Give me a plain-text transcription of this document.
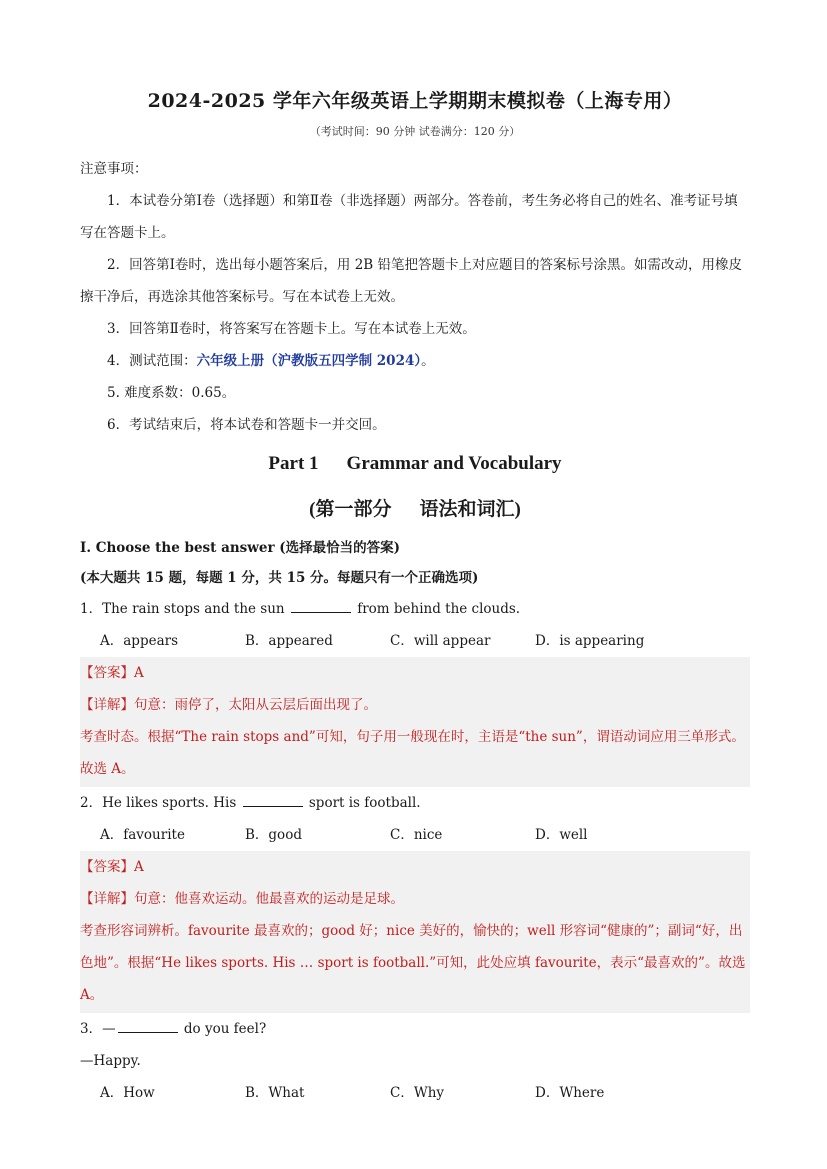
2024-2025 学年六年级英语上学期期末模拟卷（上海专用）

（考试时间：90 分钟 试卷满分：120 分）

注意事项：

1．本试卷分第Ⅰ卷（选择题）和第Ⅱ卷（非选择题）两部分。答卷前，考生务必将自己的姓名、准考证号填写在答题卡上。

2．回答第Ⅰ卷时，选出每小题答案后，用 2B 铅笔把答题卡上对应题目的答案标号涂黑。如需改动，用橡皮擦干净后，再选涂其他答案标号。写在本试卷上无效。

3．回答第Ⅱ卷时，将答案写在答题卡上。写在本试卷上无效。

4．测试范围：六年级上册（沪教版五四学制 2024）。

5. 难度系数：0.65。

6．考试结束后，将本试卷和答题卡一并交回。

Part 1 Grammar and Vocabulary

(第一部分 语法和词汇)

I. Choose the best answer (选择最恰当的答案)

(本大题共 15 题，每题 1 分，共 15 分。每题只有一个正确选项)

1．The rain stops and the sun	from behind the clouds.

A．appears	B．appeared	C．will appear	D．is appearing

【答案】A

【详解】句意：雨停了，太阳从云层后面出现了。

考查时态。根据“The rain stops and”可知，句子用一般现在时，主语是“the sun”，谓语动词应用三单形式。故选 A。

2．He likes sports. His	sport is football.

A．favourite	B．good	C．nice	D．well

【答案】A

【详解】句意：他喜欢运动。他最喜欢的运动是足球。

考查形容词辨析。favourite 最喜欢的；good 好；nice 美好的，愉快的；well 形容词“健康的”；副词“好，出色地”。根据“He likes sports. His … sport is football.”可知，此处应填 favourite，表示“最喜欢的”。故选 A。

3．—	do you feel?

—Happy.

A．How	B．What	C．Why	D．Where
